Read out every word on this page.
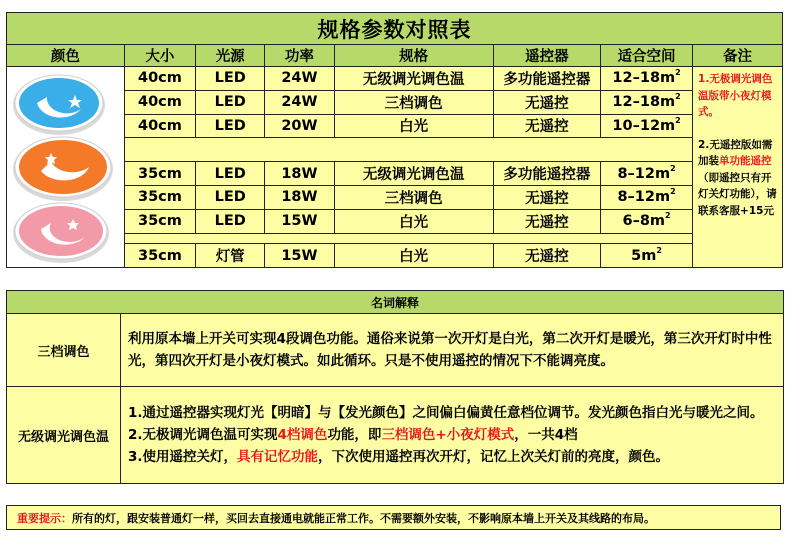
规格参数对照表							
颜色	大小	光源	功率	规格	遥控器	适合空间	备注

	40cm	LED	24W	无级调光调色温	多功能遥控器	$12-18m^2$	1.无极调光调色温版带小夜灯模式。
2.无遥控版如需加装单功能遥控（即遥控只有开灯关灯功能），请联系客服+15元

	40cm	LED	24W	三档调色	无遥控	$12-18m^2$
	40cm	LED	20W	白光	无遥控	$10-12m^2$

	35cm	LED	18W	无级调光调色温	多功能遥控器	$8-12m^2$
	35cm	LED	18W	三档调色	无遥控	$8-12m^2$
	35cm	LED	15W	白光	无遥控	$6-8m^2$

	35cm	灯管	15W	白光	无遥控	$5m^2$
名词解释	
三档调色	利用原本墙上开关可实现4段调色功能。通俗来说第一次开灯是白光，第二次开灯是暖光，第三次开灯时中性光，第四次开灯是小夜灯模式。如此循环。只是不使用遥控的情况下不能调亮度。
无级调光调色温	1.通过遥控器实现灯光【明暗】与【发光颜色】之间偏白偏黄任意档位调节。发光颜色指白光与暖光之间。

2.无极调光调色温可实现4档调色功能，即三档调色+小夜灯模式，一共4档

3.使用遥控关灯，具有记忆功能，下次使用遥控再次开灯，记忆上次关灯前的亮度，颜色。

重要提示：所有的灯，跟安装普通灯一样，买回去直接通电就能正常工作。不需要额外安装，不影响原本墙上开关及其线路的布局。
